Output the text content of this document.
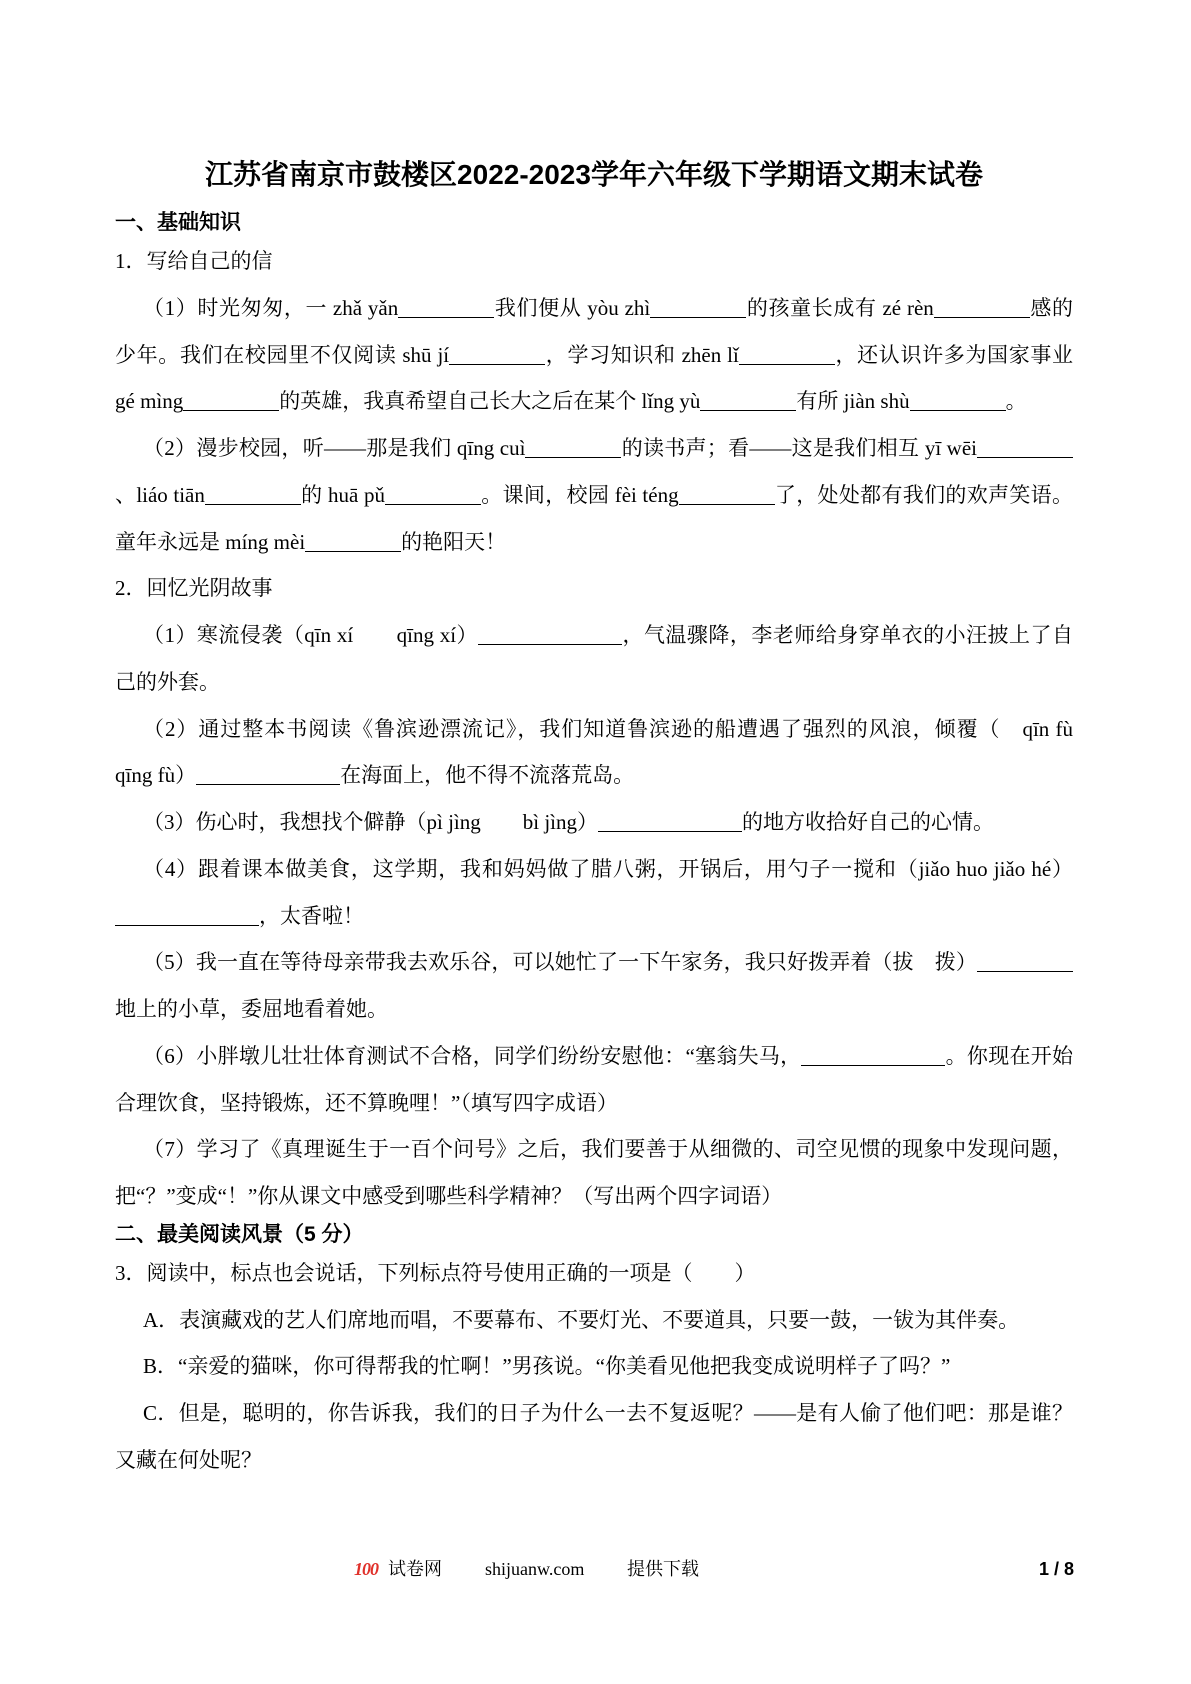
江苏省南京市鼓楼区2022-2023学年六年级下学期语文期末试卷
一、基础知识

1．写给自己的信

（1）时光匆匆，一 zhǎ yǎn	我们便从 yòu zhì	的孩童长成有 zé rèn	感的少年。我们在校园里不仅阅读 shū jí	，学习知识和 zhēn lǐ	，还认识许多为国家事业 gé mìng	的英雄，我真希望自己长大之后在某个 lǐng yù	有所 jiàn shù	。

（2）漫步校园，听——那是我们 qīng cuì	的读书声；看——这是我们相互 yī wēi、liáo tiān	的 huā pǔ	。课间，校园 fèi téng	了，处处都有我们的欢声笑语。童年永远是 míng mèi	的艳阳天！

2．回忆光阴故事

（1）寒流侵袭（qīn xí　　qīng xí）	，气温骤降，李老师给身穿单衣的小汪披上了自己的外套。

（2）通过整本书阅读《鲁滨逊漂流记》，我们知道鲁滨逊的船遭遇了强烈的风浪，倾覆（　qīn fù　qīng fù）	在海面上，他不得不流落荒岛。

（3）伤心时，我想找个僻静（pì jìng　　bì jìng）	的地方收拾好自己的心情。

（4）跟着课本做美食，这学期，我和妈妈做了腊八粥，开锅后，用勺子一搅和（jiǎo huo jiǎo hé），太香啦！

（5）我一直在等待母亲带我去欢乐谷，可以她忙了一下午家务，我只好拨弄着（拔　拨）地上的小草，委屈地看着她。

（6）小胖墩儿壮壮体育测试不合格，同学们纷纷安慰他：“塞翁失马，	。你现在开始合理饮食，坚持锻炼，还不算晚哩！”（填写四字成语）

（7）学习了《真理诞生于一百个问号》之后，我们要善于从细微的、司空见惯的现象中发现问题，把“？”变成“！”你从课文中感受到哪些科学精神？（写出两个四字词语）

二、最美阅读风景（5 分）

3．阅读中，标点也会说话，下列标点符号使用正确的一项是（　　）

A．表演藏戏的艺人们席地而唱，不要幕布、不要灯光、不要道具，只要一鼓，一钹为其伴奏。

B．“亲爱的猫咪，你可得帮我的忙啊！”男孩说。“你美看见他把我变成说明样子了吗？”

C．但是，聪明的，你告诉我，我们的日子为什么一去不复返呢？——是有人偷了他们吧：那是谁？又藏在何处呢？

100 试卷网 shijuanw.com 提供下载	1 / 8
